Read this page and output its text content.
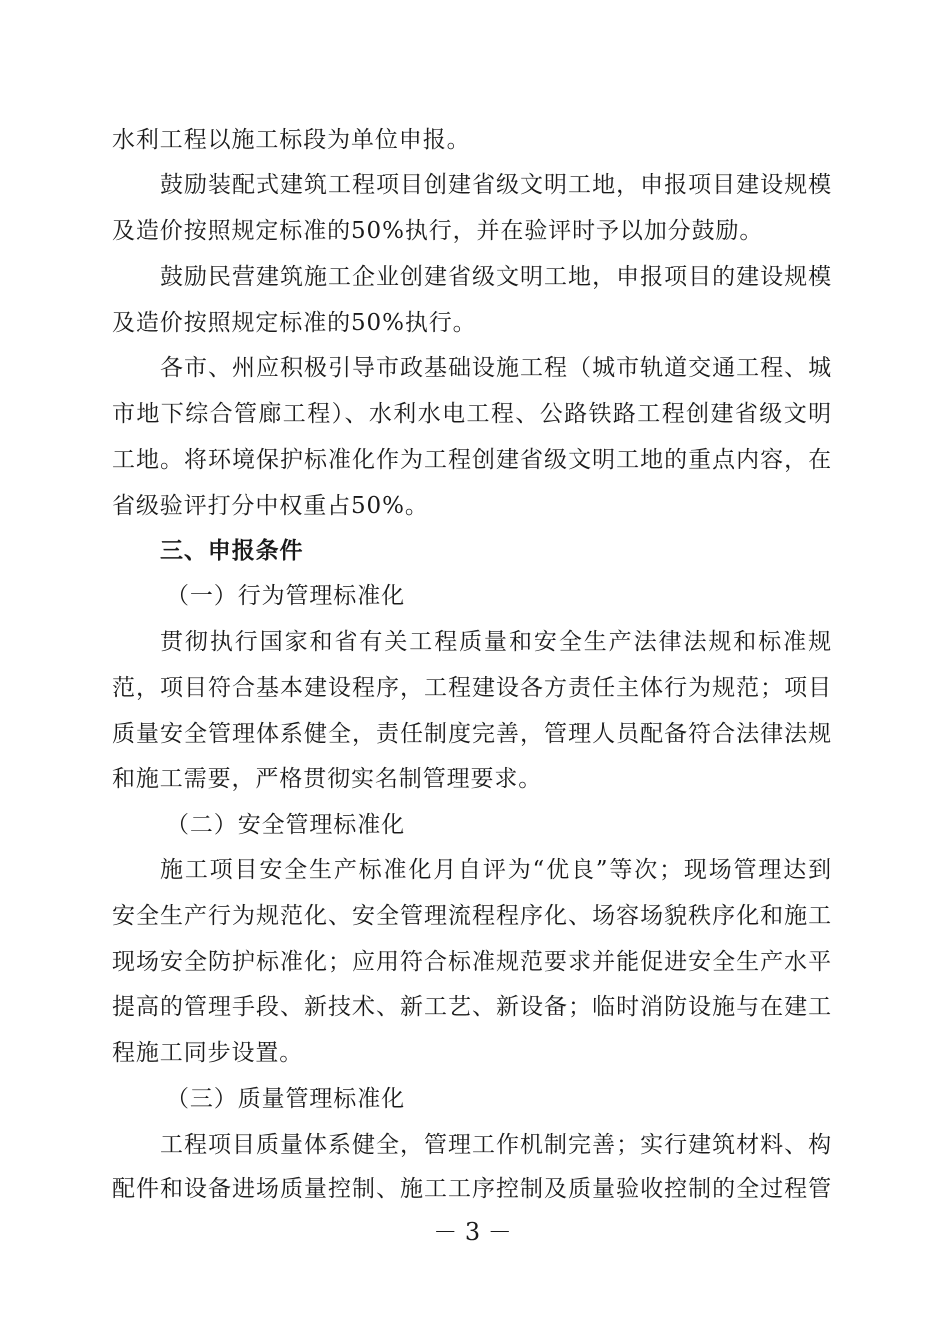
水利工程以施工标段为单位申报。
鼓励装配式建筑工程项目创建省级文明工地，申报项目建设规模
及造价按照规定标准的50%执行，并在验评时予以加分鼓励。
鼓励民营建筑施工企业创建省级文明工地，申报项目的建设规模
及造价按照规定标准的50%执行。
各市、州应积极引导市政基础设施工程（城市轨道交通工程、城
市地下综合管廊工程）、水利水电工程、公路铁路工程创建省级文明
工地。将环境保护标准化作为工程创建省级文明工地的重点内容，在
省级验评打分中权重占50%。
三、申报条件
（一）行为管理标准化
贯彻执行国家和省有关工程质量和安全生产法律法规和标准规
范，项目符合基本建设程序，工程建设各方责任主体行为规范；项目
质量安全管理体系健全，责任制度完善，管理人员配备符合法律法规
和施工需要，严格贯彻实名制管理要求。
（二）安全管理标准化
施工项目安全生产标准化月自评为“优良”等次；现场管理达到
安全生产行为规范化、安全管理流程程序化、场容场貌秩序化和施工
现场安全防护标准化；应用符合标准规范要求并能促进安全生产水平
提高的管理手段、新技术、新工艺、新设备；临时消防设施与在建工
程施工同步设置。
（三）质量管理标准化
工程项目质量体系健全，管理工作机制完善；实行建筑材料、构
配件和设备进场质量控制、施工工序控制及质量验收控制的全过程管
－ 3 －
